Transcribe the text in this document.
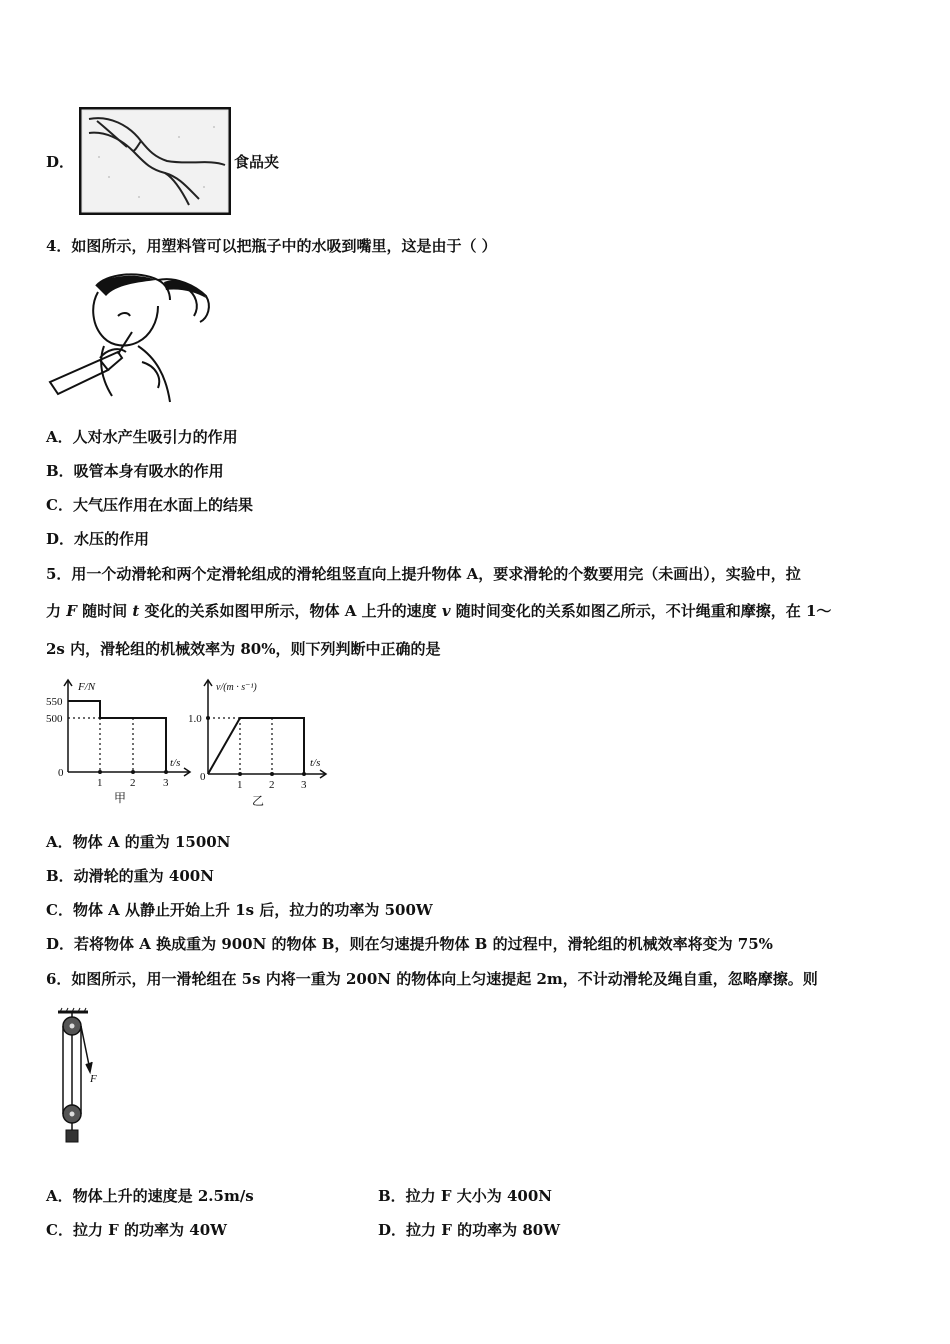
D．	食品夹
4．如图所示，用塑料管可以把瓶子中的水吸到嘴里，这是由于（ ）
A．人对水产生吸引力的作用
B．吸管本身有吸水的作用
C．大气压作用在水面上的结果
D．水压的作用
5．用一个动滑轮和两个定滑轮组成的滑轮组竖直向上提升物体 A，要求滑轮的个数要用完（未画出），实验中，拉
力 F 随时间 t 变化的关系如图甲所示，物体 A 上升的速度 v 随时间变化的关系如图乙所示，不计绳重和摩擦，在 1～
2s 内，滑轮组的机械效率为 80%，则下列判断中正确的是
F/N
t/s
550
500
0
1	2	3
甲
v/(m · s⁻¹)
t/s
1.0
0
1 2 3
乙
A．物体 A 的重为 1500N
B．动滑轮的重为 400N
C．物体 A 从静止开始上升 1s 后，拉力的功率为 500W
D．若将物体 A 换成重为 900N 的物体 B，则在匀速提升物体 B 的过程中，滑轮组的机械效率将变为 75%
6．如图所示，用一滑轮组在 5s 内将一重为 200N 的物体向上匀速提起 2m，不计动滑轮及绳自重，忽略摩擦。则
F
A．物体上升的速度是 2.5m/s	B．拉力 F 大小为 400N
C．拉力 F 的功率为 40W	D．拉力 F 的功率为 80W
